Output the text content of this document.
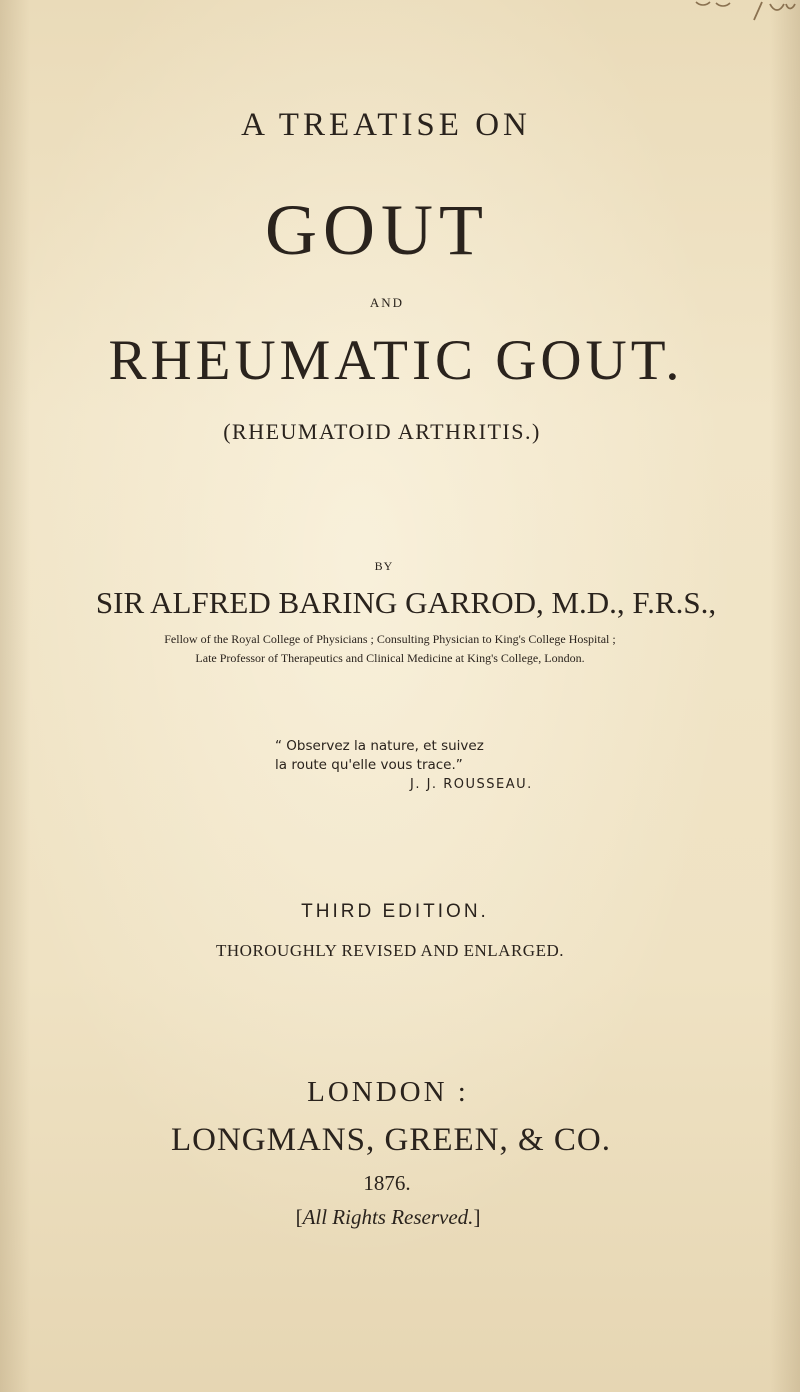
A TREATISE ON

GOUT

AND

RHEUMATIC GOUT.

(RHEUMATOID ARTHRITIS.)

BY

SIR ALFRED BARING GARROD, M.D., F.R.S.,

Fellow of the Royal College of Physicians ; Consulting Physician to King's College Hospital ;
Late Professor of Therapeutics and Clinical Medicine at King's College, London.

“ Observez la nature, et suivez
la route qu'elle vous trace.”

J. J. ROUSSEAU.

THIRD EDITION.

THOROUGHLY REVISED AND ENLARGED.

LONDON :

LONGMANS, GREEN, & CO.

1876.

[All Rights Reserved.]
